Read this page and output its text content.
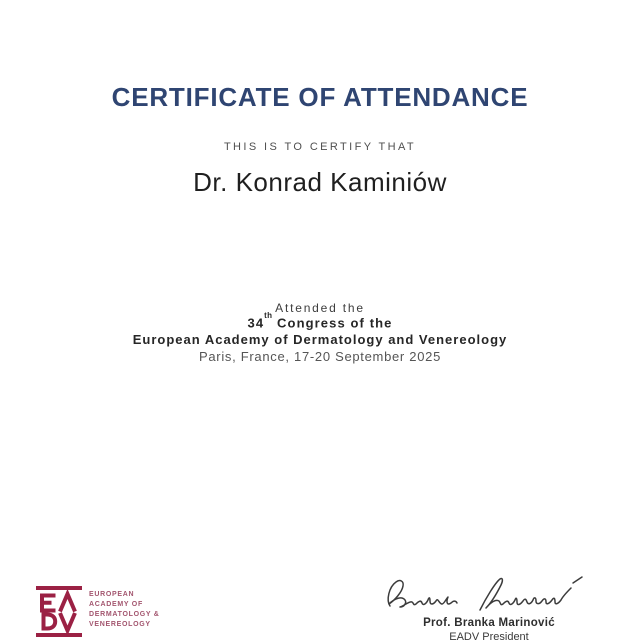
CERTIFICATE OF ATTENDANCE
THIS IS TO CERTIFY THAT
Dr. Konrad Kaminiów
Attended the
34th Congress of the
European Academy of Dermatology and Venereology
Paris, France, 17-20 September 2025
EUROPEAN
ACADEMY OF
DERMATOLOGY &
VENEREOLOGY	Prof. Branka Marinović
EADV President
